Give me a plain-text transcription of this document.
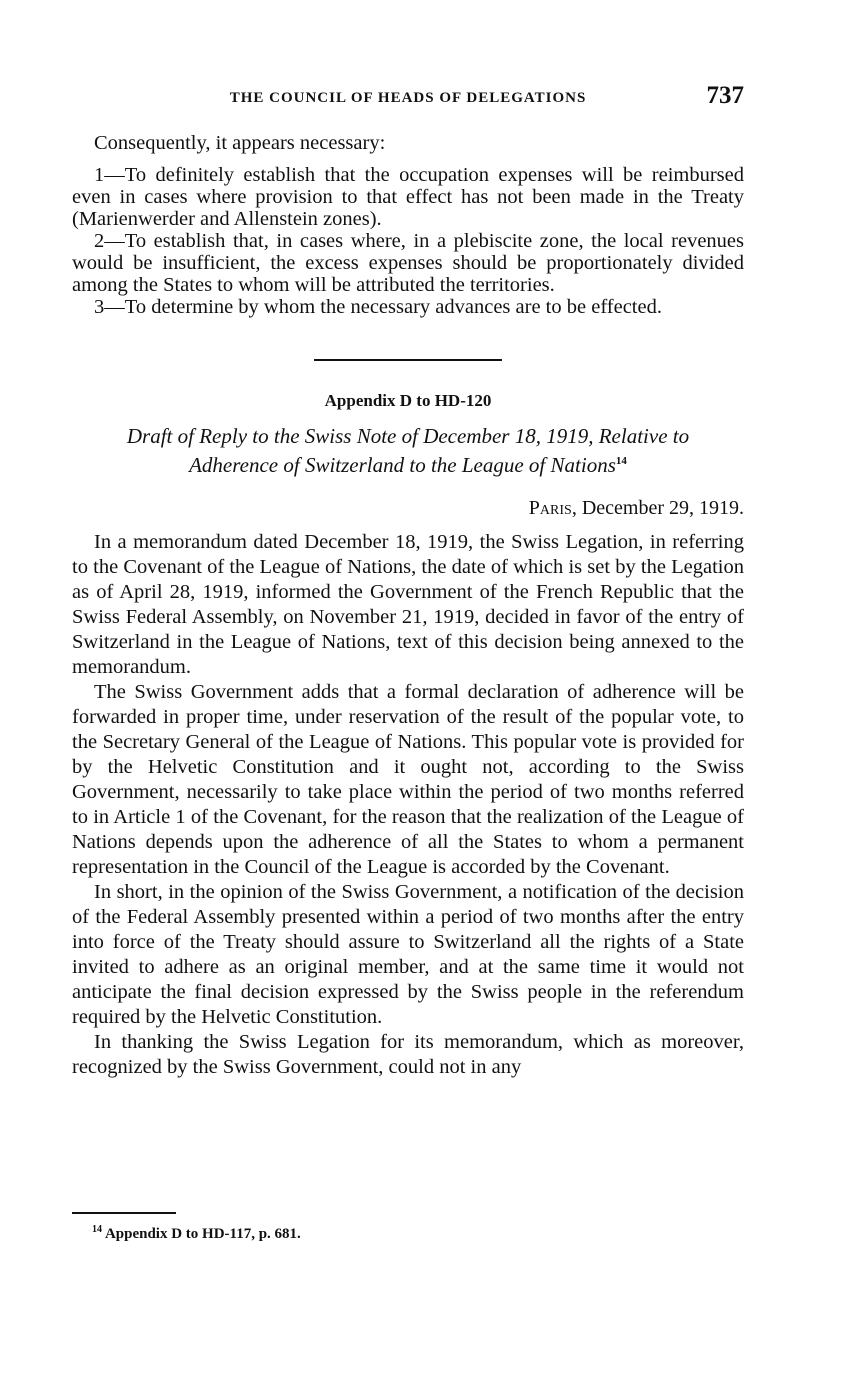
THE COUNCIL OF HEADS OF DELEGATIONS	737

Consequently, it appears necessary:

1—To definitely establish that the occupation expenses will be reimbursed even in cases where provision to that effect has not been made in the Treaty (Marienwerder and Allenstein zones).

2—To establish that, in cases where, in a plebiscite zone, the local revenues would be insufficient, the excess expenses should be proportionately divided among the States to whom will be attributed the territories.

3—To determine by whom the necessary advances are to be effected.

Appendix D to HD-120
Draft of Reply to the Swiss Note of December 18, 1919, Relative to
Adherence of Switzerland to the League of Nations$^{14}$
Paris, December 29, 1919.

In a memorandum dated December 18, 1919, the Swiss Legation, in referring to the Covenant of the League of Nations, the date of which is set by the Legation as of April 28, 1919, informed the Government of the French Republic that the Swiss Federal Assembly, on November 21, 1919, decided in favor of the entry of Switzerland in the League of Nations, text of this decision being annexed to the memorandum.

The Swiss Government adds that a formal declaration of adherence will be forwarded in proper time, under reservation of the result of the popular vote, to the Secretary General of the League of Nations. This popular vote is provided for by the Helvetic Constitution and it ought not, according to the Swiss Government, necessarily to take place within the period of two months referred to in Article 1 of the Covenant, for the reason that the realization of the League of Nations depends upon the adherence of all the States to whom a permanent representation in the Council of the League is accorded by the Covenant.

In short, in the opinion of the Swiss Government, a notification of the decision of the Federal Assembly presented within a period of two months after the entry into force of the Treaty should assure to Switzerland all the rights of a State invited to adhere as an original member, and at the same time it would not anticipate the final decision expressed by the Swiss people in the referendum required by the Helvetic Constitution.

In thanking the Swiss Legation for its memorandum, which as moreover, recognized by the Swiss Government, could not in any

$^{14}$ Appendix D to HD-117, p. 681.
